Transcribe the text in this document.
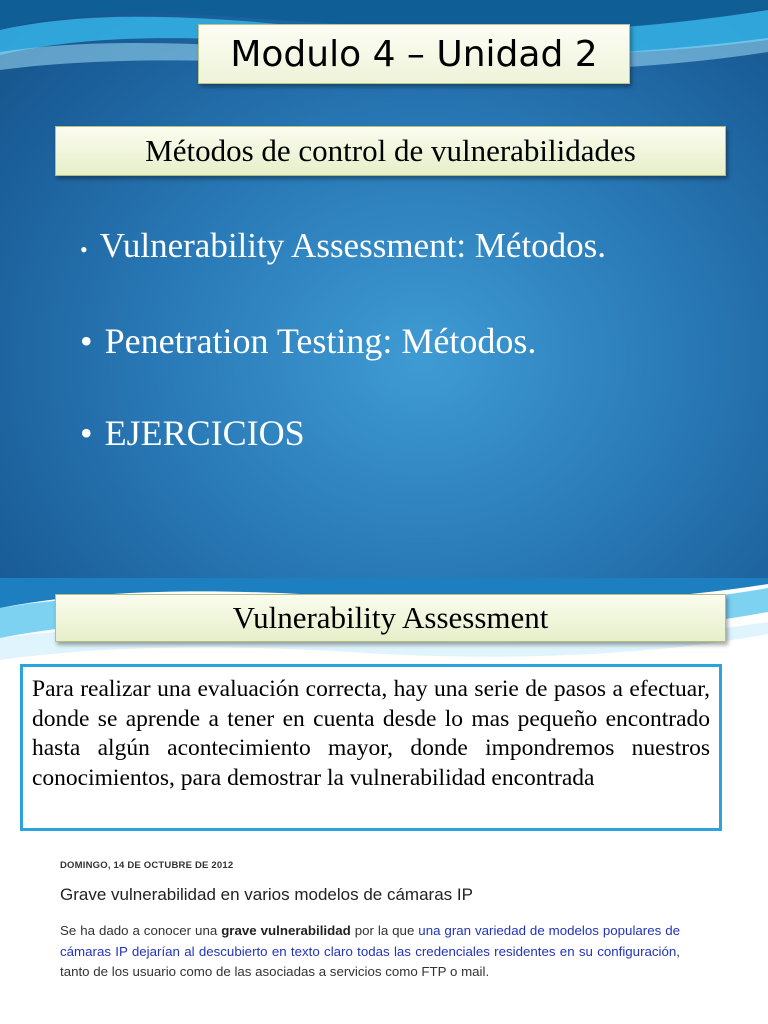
Modulo 4 – Unidad 2
Métodos de control de vulnerabilidades
• Vulnerability Assessment: Métodos.
• Penetration Testing: Métodos.
• EJERCICIOS
Vulnerability Assessment

Para realizar una evaluación correcta, hay una serie de pasos a efectuar, donde se aprende a tener en cuenta desde lo mas pequeño encontrado hasta algún acontecimiento mayor, donde impondremos nuestros conocimientos, para demostrar la vulnerabilidad encontrada

DOMINGO, 14 DE OCTUBRE DE 2012
Grave vulnerabilidad en varios modelos de cámaras IP
Se ha dado a conocer una grave vulnerabilidad por la que una gran variedad de modelos populares de cámaras IP dejarían al descubierto en texto claro todas las credenciales residentes en su configuración, tanto de los usuario como de las asociadas a servicios como FTP o mail.
